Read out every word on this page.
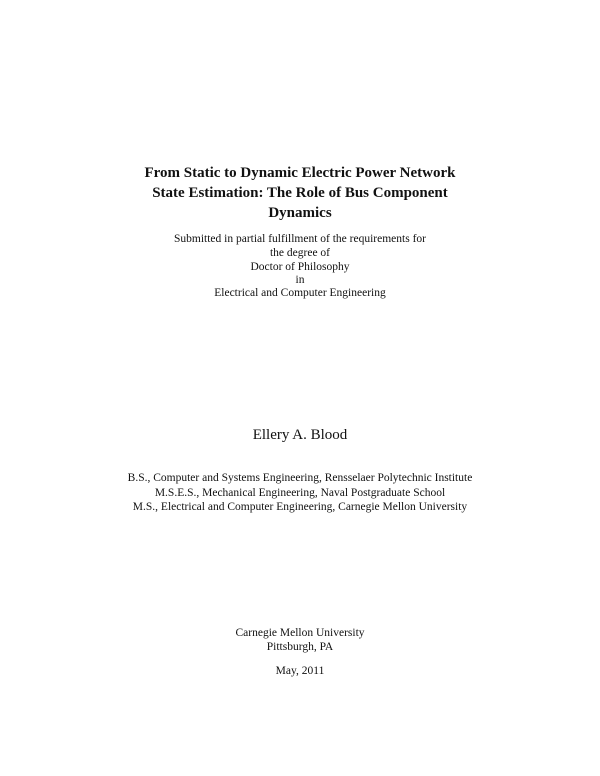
From Static to Dynamic Electric Power Network
State Estimation: The Role of Bus Component
Dynamics
Submitted in partial fulfillment of the requirements for
the degree of
Doctor of Philosophy
in
Electrical and Computer Engineering
Ellery A. Blood
B.S., Computer and Systems Engineering, Rensselaer Polytechnic Institute
M.S.E.S., Mechanical Engineering, Naval Postgraduate School
M.S., Electrical and Computer Engineering, Carnegie Mellon University
Carnegie Mellon University
Pittsburgh, PA
May, 2011
